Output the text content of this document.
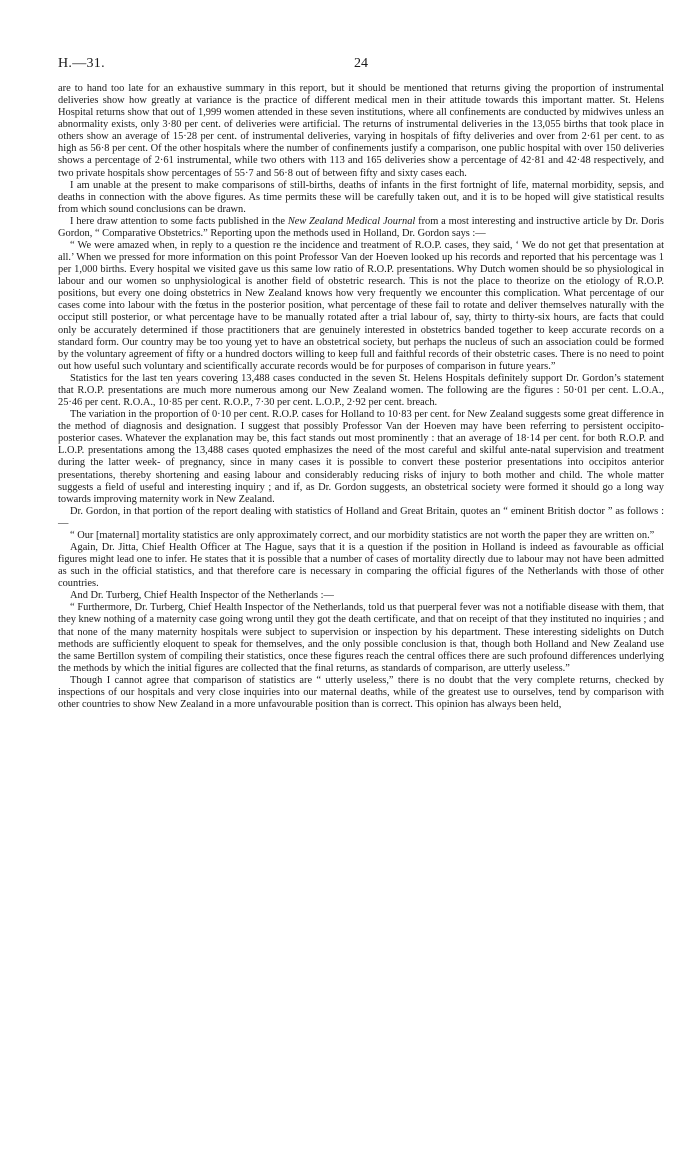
H.—31.	24

are to hand too late for an exhaustive summary in this report, but it should be mentioned that returns giving the proportion of instrumental deliveries show how greatly at variance is the practice of different medical men in their attitude towards this important matter. St. Helens Hospital returns show that out of 1,999 women attended in these seven institutions, where all confinements are conducted by midwives unless an abnormality exists, only 3·80 per cent. of deliveries were artificial. The returns of instrumental deliveries in the 13,055 births that took place in others show an average of 15·28 per cent. of instrumental deliveries, varying in hospitals of fifty deliveries and over from 2·61 per cent. to as high as 56·8 per cent. Of the other hospitals where the number of confinements justify a comparison, one public hospital with over 150 deliveries shows a percentage of 2·61 instrumental, while two others with 113 and 165 deliveries show a percentage of 42·81 and 42·48 respectively, and two private hospitals show percentages of 55·7 and 56·8 out of between fifty and sixty cases each.

I am unable at the present to make comparisons of still-births, deaths of infants in the first fortnight of life, maternal morbidity, sepsis, and deaths in connection with the above figures. As time permits these will be carefully taken out, and it is to be hoped will give statistical results from which sound conclusions can be drawn.

I here draw attention to some facts published in the New Zealand Medical Journal from a most interesting and instructive article by Dr. Doris Gordon, “ Comparative Obstetrics.” Reporting upon the methods used in Holland, Dr. Gordon says :—

“ We were amazed when, in reply to a question re the incidence and treatment of R.O.P. cases, they said, ‘ We do not get that presentation at all.’ When we pressed for more information on this point Professor Van der Hoeven looked up his records and reported that his percentage was 1 per 1,000 births. Every hospital we visited gave us this same low ratio of R.O.P. presentations. Why Dutch women should be so physiological in labour and our women so unphysiological is another field of obstetric research. This is not the place to theorize on the etiology of R.O.P. positions, but every one doing obstetrics in New Zealand knows how very frequently we encounter this complication. What percentage of our cases come into labour with the fœtus in the posterior position, what percentage of these fail to rotate and deliver themselves naturally with the occiput still posterior, or what percentage have to be manually rotated after a trial labour of, say, thirty to thirty-six hours, are facts that could only be accurately determined if those practitioners that are genuinely interested in obstetrics banded together to keep accurate records on a standard form. Our country may be too young yet to have an obstetrical society, but perhaps the nucleus of such an association could be formed by the voluntary agreement of fifty or a hundred doctors willing to keep full and faithful records of their obstetric cases. There is no need to point out how useful such voluntary and scientifically accurate records would be for purposes of comparison in future years.”

Statistics for the last ten years covering 13,488 cases conducted in the seven St. Helens Hospitals definitely support Dr. Gordon’s statement that R.O.P. presentations are much more numerous among our New Zealand women. The following are the figures : 50·01 per cent. L.O.A., 25·46 per cent. R.O.A., 10·85 per cent. R.O.P., 7·30 per cent. L.O.P., 2·92 per cent. breach.

The variation in the proportion of 0·10 per cent. R.O.P. cases for Holland to 10·83 per cent. for New Zealand suggests some great difference in the method of diagnosis and designation. I suggest that possibly Professor Van der Hoeven may have been referring to persistent occipito-posterior cases. Whatever the explanation may be, this fact stands out most prominently : that an average of 18·14 per cent. for both R.O.P. and L.O.P. presentations among the 13,488 cases quoted emphasizes the need of the most careful and skilful ante-natal supervision and treatment during the latter week- of pregnancy, since in many cases it is possible to convert these posterior presentations into occipitos anterior presentations, thereby shortening and easing labour and considerably reducing risks of injury to both mother and child. The whole matter suggests a field of useful and interesting inquiry ; and if, as Dr. Gordon suggests, an obstetrical society were formed it should go a long way towards improving maternity work in New Zealand.

Dr. Gordon, in that portion of the report dealing with statistics of Holland and Great Britain, quotes an “ eminent British doctor ” as follows :—

“ Our [maternal] mortality statistics are only approximately correct, and our morbidity statistics are not worth the paper they are written on.”

Again, Dr. Jitta, Chief Health Officer at The Hague, says that it is a question if the position in Holland is indeed as favourable as official figures might lead one to infer. He states that it is possible that a number of cases of mortality directly due to labour may not have been admitted as such in the official statistics, and that therefore care is necessary in comparing the official figures of the Netherlands with those of other countries.

And Dr. Turberg, Chief Health Inspector of the Netherlands :—

“ Furthermore, Dr. Turberg, Chief Health Inspector of the Netherlands, told us that puerperal fever was not a notifiable disease with them, that they knew nothing of a maternity case going wrong until they got the death certificate, and that on receipt of that they instituted no inquiries ; and that none of the many maternity hospitals were subject to supervision or inspection by his department. These interesting sidelights on Dutch methods are sufficiently eloquent to speak for themselves, and the only possible conclusion is that, though both Holland and New Zealand use the same Bertillon system of compiling their statistics, once these figures reach the central offices there are such profound differences underlying the methods by which the initial figures are collected that the final returns, as standards of comparison, are utterly useless.”

Though I cannot agree that comparison of statistics are “ utterly useless,” there is no doubt that the very complete returns, checked by inspections of our hospitals and very close inquiries into our maternal deaths, while of the greatest use to ourselves, tend by comparison with other countries to show New Zealand in a more unfavourable position than is correct. This opinion has always been held,
